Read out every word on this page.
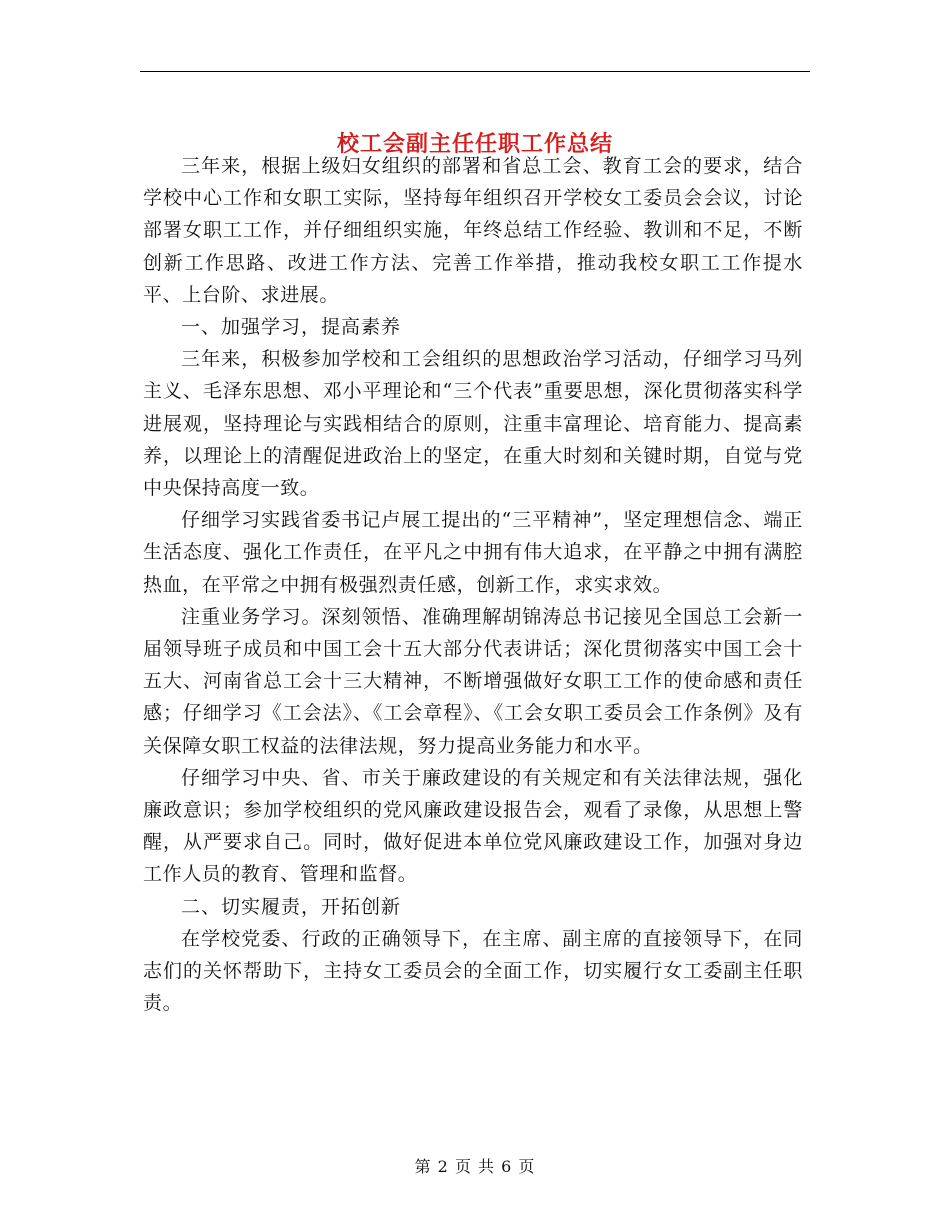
校工会副主任任职工作总结

三年来，根据上级妇女组织的部署和省总工会、教育工会的要求，结合学校中心工作和女职工实际，坚持每年组织召开学校女工委员会会议，讨论部署女职工工作，并仔细组织实施，年终总结工作经验、教训和不足，不断创新工作思路、改进工作方法、完善工作举措，推动我校女职工工作提水平、上台阶、求进展。

一、加强学习，提高素养

三年来，积极参加学校和工会组织的思想政治学习活动，仔细学习马列主义、毛泽东思想、邓小平理论和“三个代表”重要思想，深化贯彻落实科学进展观，坚持理论与实践相结合的原则，注重丰富理论、培育能力、提高素养，以理论上的清醒促进政治上的坚定，在重大时刻和关键时期，自觉与党中央保持高度一致。

仔细学习实践省委书记卢展工提出的“三平精神”，坚定理想信念、端正生活态度、强化工作责任，在平凡之中拥有伟大追求，在平静之中拥有满腔热血，在平常之中拥有极强烈责任感，创新工作，求实求效。

注重业务学习。深刻领悟、准确理解胡锦涛总书记接见全国总工会新一届领导班子成员和中国工会十五大部分代表讲话；深化贯彻落实中国工会十五大、河南省总工会十三大精神，不断增强做好女职工工作的使命感和责任感；仔细学习《工会法》、《工会章程》、《工会女职工委员会工作条例》及有关保障女职工权益的法律法规，努力提高业务能力和水平。

仔细学习中央、省、市关于廉政建设的有关规定和有关法律法规，强化廉政意识；参加学校组织的党风廉政建设报告会，观看了录像，从思想上警醒，从严要求自己。同时，做好促进本单位党风廉政建设工作，加强对身边工作人员的教育、管理和监督。

二、切实履责，开拓创新

在学校党委、行政的正确领导下，在主席、副主席的直接领导下，在同志们的关怀帮助下，主持女工委员会的全面工作，切实履行女工委副主任职责。

第 2 页 共 6 页
